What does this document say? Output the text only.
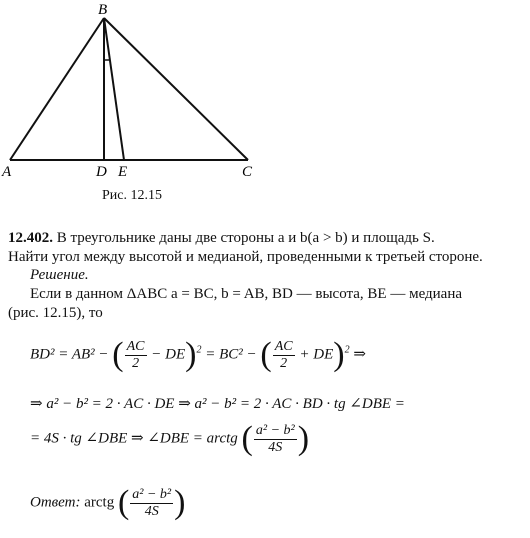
B
A	D E	C
Рис. 12.15
12.402. В треугольнике даны две стороны a и b(a > b) и площадь S.
Найти угол между высотой и медианой, проведенными к третьей стороне.
Решение.
Если в данном ΔABC a = BC, b = AB, BD — высота, BE — медиана
(рис. 12.15), то
BD² = AB² − ( $\frac{AC}{2} - DE)^2 = BC^2$ − ( $\frac{AC}{2} + DE)^2$ ⇒
⇒ a² − b² = 2 · AC · DE ⇒ a² − b² = 2 · AC · BD · tg ∠DBE =
= 4S · tg ∠DBE ⇒ ∠DBE = arctg ( $\frac{\text{a² − b²}}{4S}$ )
Ответ: arctg ( $\frac{\text{a² − b²}}{4S}$ )
